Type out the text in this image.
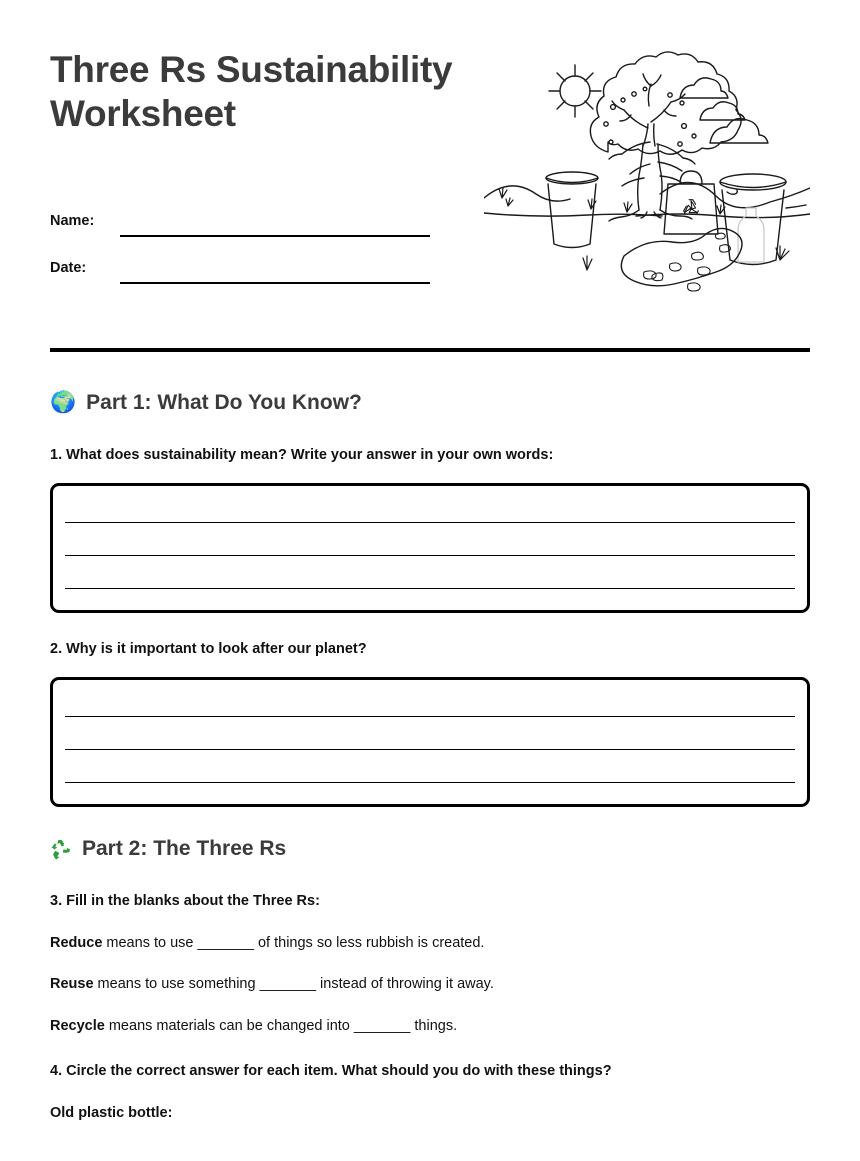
Three Rs Sustainability Worksheet
Name:
Date:
🌍 Part 1: What Do You Know?
1. What does sustainability mean? Write your answer in your own words:
2. Why is it important to look after our planet?
Part 2: The Three Rs
3. Fill in the blanks about the Three Rs:
Reduce means to use _______ of things so less rubbish is created.
Reuse means to use something _______ instead of throwing it away.
Recycle means materials can be changed into _______ things.
4. Circle the correct answer for each item. What should you do with these things?
Old plastic bottle:
